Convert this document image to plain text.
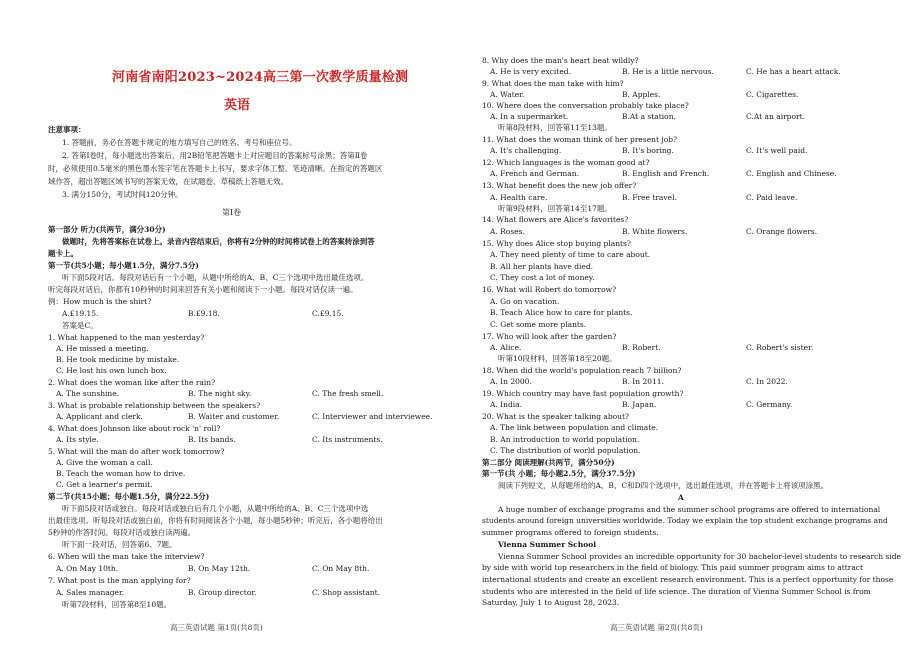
河南省南阳2023~2024高三第一次教学质量检测
英语
注意事项：
1. 答题前，务必在答题卡规定的地方填写自己的姓名、考号和座位号。
2. 答第Ⅰ卷时，每小题选出答案后，用2B铅笔把答题卡上对应题目的答案标号涂黑；答第Ⅱ卷
时，必须使用0.5毫米的黑色墨水签字笔在答题卡上书写，要求字体工整、笔迹清晰。在指定的答题区
域作答，超出答题区域书写的答案无效，在试题卷、草稿纸上答题无效。
3. 满分150分，考试时间120分钟。
第Ⅰ卷
第一部分 听力(共两节，满分30分)
做题时，先将答案标在试卷上。录音内容结束后，你将有2分钟的时间将试卷上的答案转涂到答
题卡上。
第一节(共5小题；每小题1.5分，满分7.5分)
听下面5段对话。每段对话后有一个小题，从题中所给的A、B、C三个选项中选出最佳选项。
听完每段对话后，你都有10秒钟的时间来回答有关小题和阅读下一小题。每段对话仅读一遍。
例：How much is the shirt?
A.£19.15.	B.£9.18.	C.£9.15.
答案是C。
1. What happened to the man yesterday?
A. He missed a meeting.
B. He took medicine by mistake.
C. He lost his own lunch box.
2. What does the woman like after the rain?
A. The sunshine.	B. The night sky.	C. The fresh smell.
3. What is probable relationship between the speakers?
A. Applicant and clerk.	B. Waiter and customer.	C. Interviewer and interviewee.
4. What does Johnson like about rock 'n' roll?
A. Its style.	B. Its bands.	C. Its instruments.
5. What will the man do after work tomorrow?
A. Give the woman a call.
B. Teach the woman how to drive.
C. Get a learner's permit.
第二节(共15小题；每小题1.5分，满分22.5分)
听下面5段对话或独白。每段对话或独白后有几个小题，从题中所给的A、B、C三个选项中选
出最佳选项。听每段对话或独白前，你将有时间阅读各个小题，每小题5秒钟；听完后，各小题将给出
5秒钟的作答时间。每段对话或独白读两遍。
听下面一段对话，回答第6、7题。
6. When will the man take the interview?
A. On May 10th.	B. On May 12th.	C. On May 8th.
7. What post is the man applying for?
A. Sales manager.	B. Group director.	C. Shop assistant.
听第7段材料，回答第8至10题。
高三英语试题 第1页(共8页)
8. Why does the man's heart beat wildly?
A. He is very excited.	B. He is a little nervous.	C. He has a heart attack.
9. What does the man take with him?
A. Water.	B. Apples.	C. Cigarettes.
10. Where does the conversation probably take place?
A. In a supermarket.	B.At a station.	C.At an airport.
听第8段材料，回答第11至13题。
11. What does the woman think of her present job?
A. It's challenging.	B. It's boring.	C. It's well paid.
12. Which languages is the woman good at?
A. French and German.	B. English and French.	C. English and Chinese.
13. What benefit does the new job offer?
A. Health care.	B. Free travel.	C. Paid leave.
听第9段材料，回答第14至17题。
14. What flowers are Alice's favorites?
A. Roses.	B. White flowers.	C. Orange flowers.
15. Why does Alice stop buying plants?
A. They need plenty of time to care about.
B. All her plants have died.
C. They cost a lot of money.
16. What will Robert do tomorrow?
A. Go on vacation.
B. Teach Alice how to care for plants.
C. Get some more plants.
17. Who will look after the garden?
A. Alice.	B. Robert.	C. Robert's sister.
听第10段材料，回答第18至20题。
18. When did the world's population reach 7 billion?
A. In 2000.	B. In 2011.	C. In 2022.
19. Which country may have fast population growth?
A. India.	B. Japan.	C. Germany.
20. What is the speaker talking about?
A. The link between population and climate.
B. An introduction to world population.
C. The distribution of world population.
第二部分 阅读理解(共两节，满分50分)
第一节(共 小题；每小题2.5分，满分37.5分)
阅读下列短文，从每题所给的A、B、C和D四个选项中，选出最佳选项，并在答题卡上将该项涂黑。
A
A huge number of exchange programs and the summer school programs are offered to international
students around foreign universities worldwide. Today we explain the top student exchange programs and
summer programs offered to foreign students.
Vienna Summer School
Vienna Summer School provides an incredible opportunity for 30 bachelor-level students to research side
by side with world top researchers in the field of biology. This paid summer program aims to attract
international students and create an excellent research environment. This is a perfect opportunity for those
students who are interested in the field of life science. The duration of Vienna Summer School is from
Saturday, July 1 to August 28, 2023.
高三英语试题 第2页(共8页)
